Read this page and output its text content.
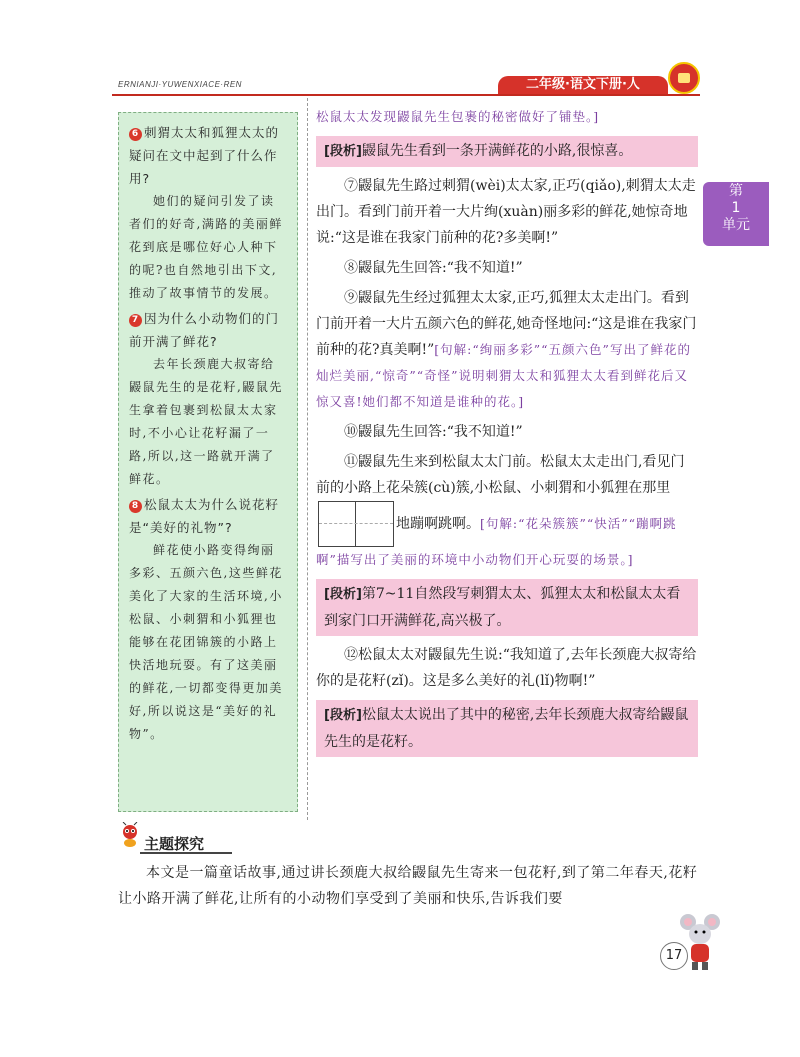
ERNIANJI·YUWENXIACE·REN	二年级·语文下册·人
第
1
单元
6 刺猬太太和狐狸太太的疑问在文中起到了什么作用?
她们的疑问引发了读者们的好奇,满路的美丽鲜花到底是哪位好心人种下的呢?也自然地引出下文,推动了故事情节的发展。
7 因为什么小动物们的门前开满了鲜花?
去年长颈鹿大叔寄给鼹鼠先生的是花籽,鼹鼠先生拿着包裹到松鼠太太家时,不小心让花籽漏了一路,所以,这一路就开满了鲜花。
8 松鼠太太为什么说花籽是“美好的礼物”?
鲜花使小路变得绚丽多彩、五颜六色,这些鲜花美化了大家的生活环境,小松鼠、小刺猬和小狐狸也能够在花团锦簇的小路上快活地玩耍。有了这美丽的鲜花,一切都变得更加美好,所以说这是“美好的礼物”。
松鼠太太发现鼹鼠先生包裹的秘密做好了铺垫。]
[段析]鼹鼠先生看到一条开满鲜花的小路,很惊喜。
⑦鼹鼠先生路过刺猬(wèi)太太家,正巧(qiǎo),刺猬太太走出门。看到门前开着一大片绚(xuàn)丽多彩的鲜花,她惊奇地说:“这是谁在我家门前种的花?多美啊!”
⑧鼹鼠先生回答:“我不知道!”
⑨鼹鼠先生经过狐狸太太家,正巧,狐狸太太走出门。看到门前开着一大片五颜六色的鲜花,她奇怪地问:“这是谁在我家门前种的花?真美啊!”[句解:“绚丽多彩”“五颜六色”写出了鲜花的灿烂美丽,“惊奇”“奇怪”说明刺猬太太和狐狸太太看到鲜花后又惊又喜!她们都不知道是谁种的花。]
⑩鼹鼠先生回答:“我不知道!”
⑪鼹鼠先生来到松鼠太太门前。松鼠太太走出门,看见门前的小路上花朵簇(cù)簇,小松鼠、小刺猬和小狐狸在那里地蹦啊跳啊。[句解:“花朵簇簇”“快活”“蹦啊跳啊”描写出了美丽的环境中小动物们开心玩耍的场景。]
[段析]第7~11自然段写刺猬太太、狐狸太太和松鼠太太看到家门口开满鲜花,高兴极了。
⑫松鼠太太对鼹鼠先生说:“我知道了,去年长颈鹿大叔寄给你的是花籽(zǐ)。这是多么美好的礼(lǐ)物啊!”
[段析]松鼠太太说出了其中的秘密,去年长颈鹿大叔寄给鼹鼠先生的是花籽。
主题探究
本文是一篇童话故事,通过讲长颈鹿大叔给鼹鼠先生寄来一包花籽,到了第二年春天,花籽让小路开满了鲜花,让所有的小动物们享受到了美丽和快乐,告诉我们要
17
